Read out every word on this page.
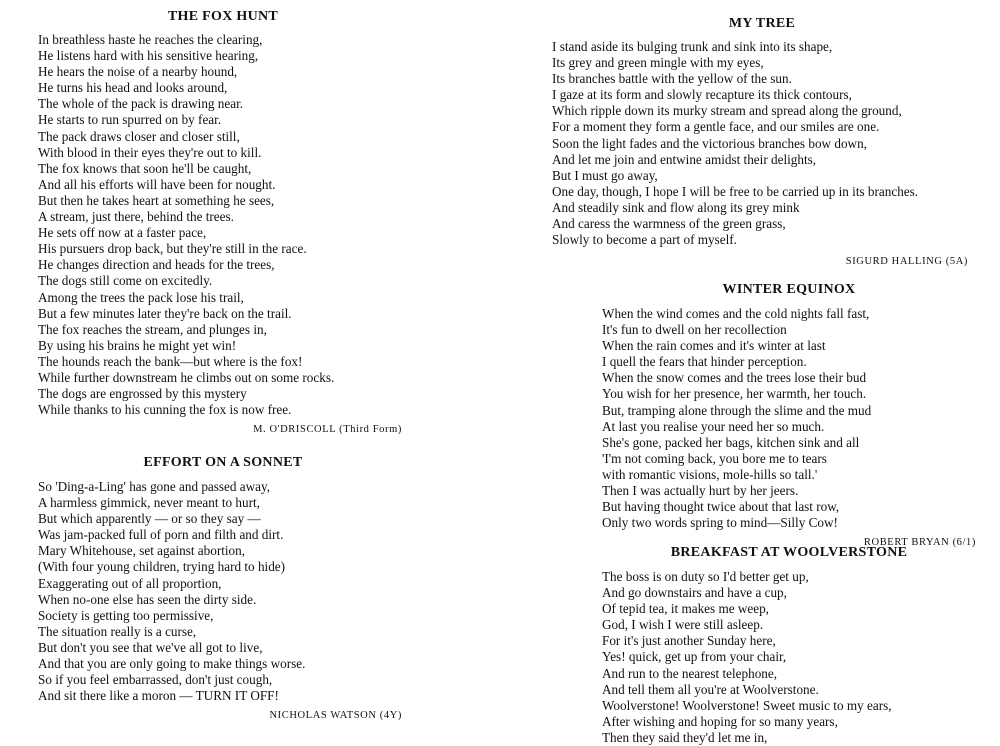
THE FOX HUNT
In breathless haste he reaches the clearing,
He listens hard with his sensitive hearing,
He hears the noise of a nearby hound,
He turns his head and looks around,
The whole of the pack is drawing near.
He starts to run spurred on by fear.
The pack draws closer and closer still,
With blood in their eyes they're out to kill.
The fox knows that soon he'll be caught,
And all his efforts will have been for nought.
But then he takes heart at something he sees,
A stream, just there, behind the trees.
He sets off now at a faster pace,
His pursuers drop back, but they're still in the race.
He changes direction and heads for the trees,
The dogs still come on excitedly.
Among the trees the pack lose his trail,
But a few minutes later they're back on the trail.
The fox reaches the stream, and plunges in,
By using his brains he might yet win!
The hounds reach the bank—but where is the fox!
While further downstream he climbs out on some rocks.
The dogs are engrossed by this mystery
While thanks to his cunning the fox is now free.
M. O'DRISCOLL (Third Form)
EFFORT ON A SONNET
So 'Ding-a-Ling' has gone and passed away,
A harmless gimmick, never meant to hurt,
But which apparently — or so they say —
Was jam-packed full of porn and filth and dirt.
Mary Whitehouse, set against abortion,
(With four young children, trying hard to hide)
Exaggerating out of all proportion,
When no-one else has seen the dirty side.
Society is getting too permissive,
The situation really is a curse,
But don't you see that we've all got to live,
And that you are only going to make things worse.
So if you feel embarrassed, don't just cough,
And sit there like a moron — TURN IT OFF!
NICHOLAS WATSON (4Y)
MY TREE
I stand aside its bulging trunk and sink into its shape,
Its grey and green mingle with my eyes,
Its branches battle with the yellow of the sun.
I gaze at its form and slowly recapture its thick contours,
Which ripple down its murky stream and spread along the ground,
For a moment they form a gentle face, and our smiles are one.
Soon the light fades and the victorious branches bow down,
And let me join and entwine amidst their delights,
But I must go away,
One day, though, I hope I will be free to be carried up in its branches.
And steadily sink and flow along its grey mink
And caress the warmness of the green grass,
Slowly to become a part of myself.
SIGURD HALLING (5A)
WINTER EQUINOX
When the wind comes and the cold nights fall fast,
It's fun to dwell on her recollection
When the rain comes and it's winter at last
I quell the fears that hinder perception.
When the snow comes and the trees lose their bud
You wish for her presence, her warmth, her touch.
But, tramping alone through the slime and the mud
At last you realise your need her so much.
She's gone, packed her bags, kitchen sink and all
'I'm not coming back, you bore me to tears
with romantic visions, mole-hills so tall.'
Then I was actually hurt by her jeers.
But having thought twice about that last row,
Only two words spring to mind—Silly Cow!
ROBERT BRYAN (6/1)
BREAKFAST AT WOOLVERSTONE
The boss is on duty so I'd better get up,
And go downstairs and have a cup,
Of tepid tea, it makes me weep,
God, I wish I were still asleep.
For it's just another Sunday here,
Yes! quick, get up from your chair,
And run to the nearest telephone,
And tell them all you're at Woolverstone.
Woolverstone! Woolverstone! Sweet music to my ears,
After wishing and hoping for so many years,
Then they said they'd let me in,
